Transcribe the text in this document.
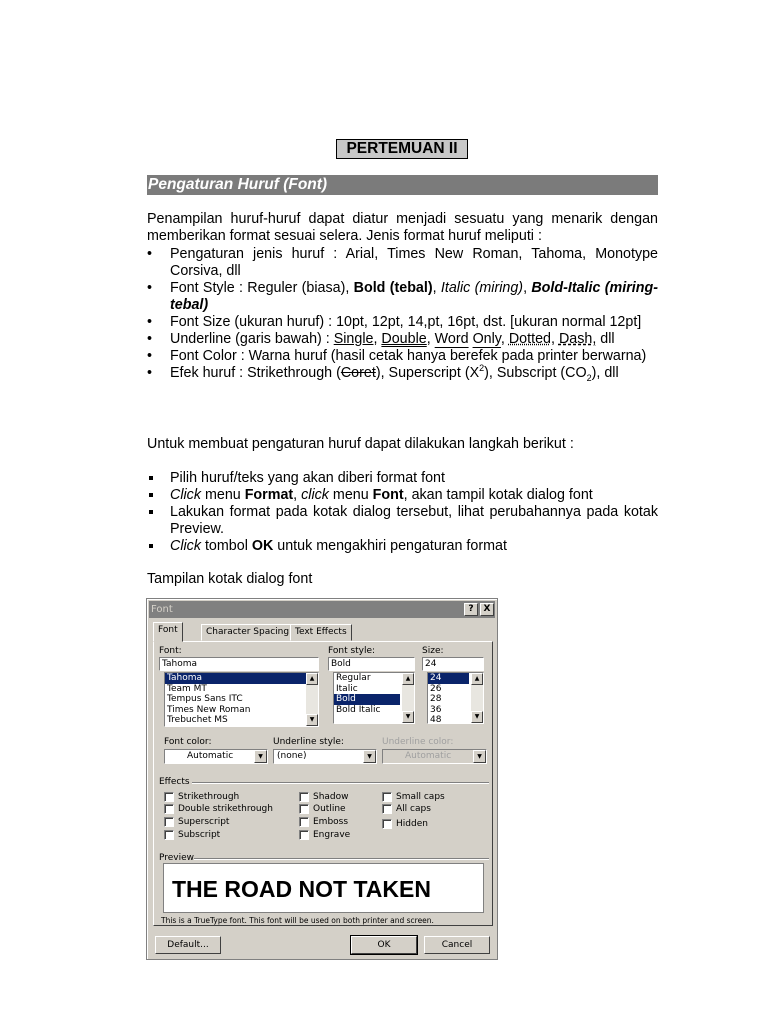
PERTEMUAN II
Pengaturan Huruf (Font)

Penampilan huruf-huruf dapat diatur menjadi sesuatu yang menarik dengan memberikan format sesuai selera. Jenis format huruf meliputi :

• Pengaturan jenis huruf : Arial, Times New Roman, Tahoma, Monotype Corsiva, dll
• Font Style : Reguler (biasa), Bold (tebal), Italic (miring), Bold-Italic (miring-tebal)
• Font Size (ukuran huruf) : 10pt, 12pt, 14,pt, 16pt, dst. [ukuran normal 12pt]
• Underline (garis bawah) : Single, Double, Word Only, Dotted, Dash, dll
• Font Color : Warna huruf (hasil cetak hanya berefek pada printer berwarna)
• Efek huruf : Strikethrough (Coret), Superscript $(X^2)$, Subscript $(CO_2)$, dll

Untuk membuat pengaturan huruf dapat dilakukan langkah berikut :

Pilih huruf/teks yang akan diberi format font
Click menu Format, click menu Font, akan tampil kotak dialog font
Lakukan format pada kotak dialog tersebut, lihat perubahannya pada kotak Preview.
Click tombol OK untuk mengakhiri pengaturan format

Tampilan kotak dialog font

Font	?	X
Font	Character Spacing Text Effects
Font:
Tahoma
Tahoma
Team MT
Tempus Sans ITC
Times New Roman
Trebuchet MS
▲
▼
Font style:
Bold
Regular
Italic
Bold
Bold Italic
▲
▼
Size:
24
24
26
28
36
48
▲
▼
Font color:
Automatic	▼
Underline style:
(none)	▼
Underline color:
Automatic	▼
Effects
Strikethrough
Double strikethrough
Superscript
Subscript
Shadow
Outline
Emboss
Engrave
Small caps
All caps
Hidden
Preview
THE ROAD NOT TAKEN
This is a TrueType font. This font will be used on both printer and screen.
Default...	OK	Cancel
